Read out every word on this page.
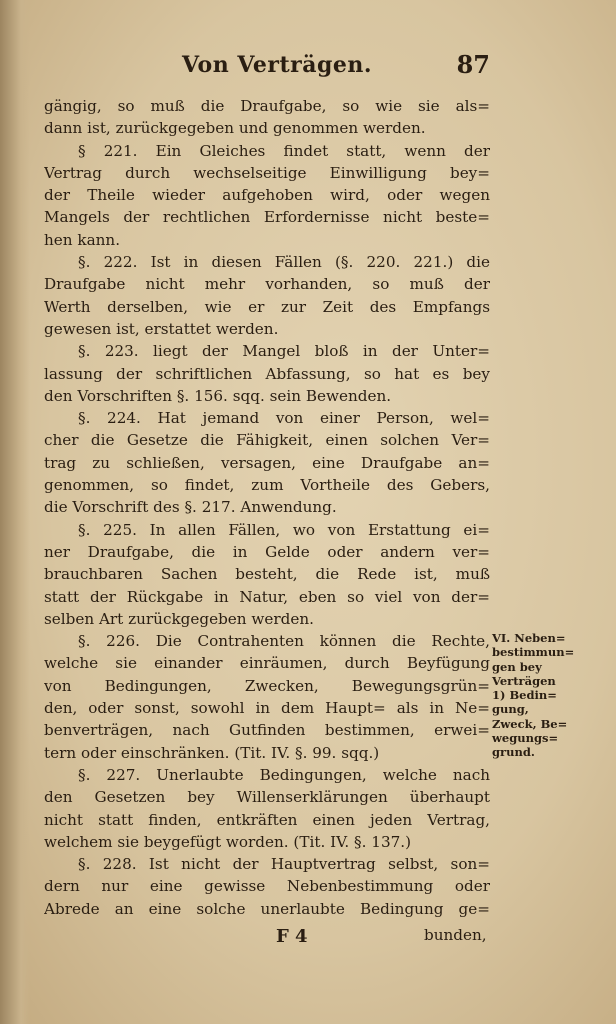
Von Verträgen.	87
gängig, so muß die Draufgabe, so wie sie als=
dann ist, zurückgegeben und genommen werden.
§ 221. Ein Gleiches findet statt, wenn der
Vertrag durch wechselseitige Einwilligung bey=
der Theile wieder aufgehoben wird, oder wegen
Mangels der rechtlichen Erfordernisse nicht beste=
hen kann.
§. 222. Ist in diesen Fällen (§. 220. 221.) die
Draufgabe nicht mehr vorhanden, so muß der
Werth derselben, wie er zur Zeit des Empfangs
gewesen ist, erstattet werden.
§. 223. liegt der Mangel bloß in der Unter=
lassung der schriftlichen Abfassung, so hat es bey
den Vorschriften §. 156. sqq. sein Bewenden.
§. 224. Hat jemand von einer Person, wel=
cher die Gesetze die Fähigkeit, einen solchen Ver=
trag zu schließen, versagen, eine Draufgabe an=
genommen, so findet, zum Vortheile des Gebers,
die Vorschrift des §. 217. Anwendung.
§. 225. In allen Fällen, wo von Erstattung ei=
ner Draufgabe, die in Gelde oder andern ver=
brauchbaren Sachen besteht, die Rede ist, muß
statt der Rückgabe in Natur, eben so viel von der=
selben Art zurückgegeben werden.
§. 226. Die Contrahenten können die Rechte,
welche sie einander einräumen, durch Beyfügung
von Bedingungen, Zwecken, Bewegungsgrün=
den, oder sonst, sowohl in dem Haupt= als in Ne=
benverträgen, nach Gutfinden bestimmen, erwei=
tern oder einschränken. (Tit. IV. §. 99. sqq.)
§. 227. Unerlaubte Bedingungen, welche nach
den Gesetzen bey Willenserklärungen überhaupt
nicht statt finden, entkräften einen jeden Vertrag,
welchem sie beygefügt worden. (Tit. IV. §. 137.)
§. 228. Ist nicht der Hauptvertrag selbst, son=
dern nur eine gewisse Nebenbestimmung oder
Abrede an eine solche unerlaubte Bedingung ge=
VI. Neben=
bestimmun=
gen bey
Verträgen
1) Bedin=
gung,
Zweck, Be=
wegungs=
grund.
F 4	bunden,
